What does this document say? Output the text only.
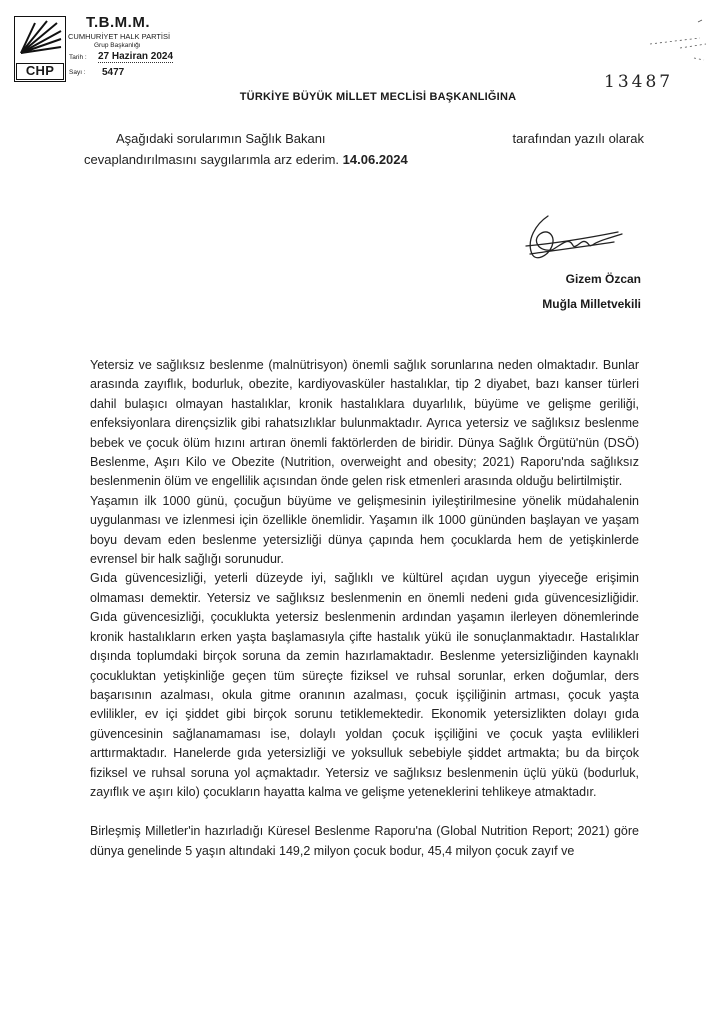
CHP
T.B.M.M.
CUMHURİYET HALK PARTİSİ
Grup Başkanlığı
Tarih : 27 Haziran 2024
Sayı : 5477	13487
TÜRKİYE BÜYÜK MİLLET MECLİSİ BAŞKANLIĞINA
Aşağıdaki sorularımın Sağlık Bakanı	tarafından yazılı olarak
cevaplandırılmasını saygılarımla arz ederim. 14.06.2024
Gizem Özcan
Muğla Milletvekili

Yetersiz ve sağlıksız beslenme (malnütrisyon) önemli sağlık sorunlarına neden olmaktadır. Bunlar arasında zayıflık, bodurluk, obezite, kardiyovasküler hastalıklar, tip 2 diyabet, bazı kanser türleri dahil bulaşıcı olmayan hastalıklar, kronik hastalıklara duyarlılık, büyüme ve gelişme geriliği, enfeksiyonlara dirençsizlik gibi rahatsızlıklar bulunmaktadır. Ayrıca yetersiz ve sağlıksız beslenme bebek ve çocuk ölüm hızını artıran önemli faktörlerden de biridir. Dünya Sağlık Örgütü'nün (DSÖ) Beslenme, Aşırı Kilo ve Obezite (Nutrition, overweight and obesity; 2021) Raporu'nda sağlıksız beslenmenin ölüm ve engellilik açısından önde gelen risk etmenleri arasında olduğu belirtilmiştir.

Yaşamın ilk 1000 günü, çocuğun büyüme ve gelişmesinin iyileştirilmesine yönelik müdahalenin uygulanması ve izlenmesi için özellikle önemlidir. Yaşamın ilk 1000 gününden başlayan ve yaşam boyu devam eden beslenme yetersizliği dünya çapında hem çocuklarda hem de yetişkinlerde evrensel bir halk sağlığı sorunudur.

Gıda güvencesizliği, yeterli düzeyde iyi, sağlıklı ve kültürel açıdan uygun yiyeceğe erişimin olmaması demektir. Yetersiz ve sağlıksız beslenmenin en önemli nedeni gıda güvencesizliğidir. Gıda güvencesizliği, çocuklukta yetersiz beslenmenin ardından yaşamın ilerleyen dönemlerinde kronik hastalıkların erken yaşta başlamasıyla çifte hastalık yükü ile sonuçlanmaktadır. Hastalıklar dışında toplumdaki birçok soruna da zemin hazırlamaktadır. Beslenme yetersizliğinden kaynaklı çocukluktan yetişkinliğe geçen tüm süreçte fiziksel ve ruhsal sorunlar, erken doğumlar, ders başarısının azalması, okula gitme oranının azalması, çocuk işçiliğinin artması, çocuk yaşta evlilikler, ev içi şiddet gibi birçok sorunu tetiklemektedir. Ekonomik yetersizlikten dolayı gıda güvencesinin sağlanamaması ise, dolaylı yoldan çocuk işçiliğini ve çocuk yaşta evlilikleri arttırmaktadır. Hanelerde gıda yetersizliği ve yoksulluk sebebiyle şiddet artmakta; bu da birçok fiziksel ve ruhsal soruna yol açmaktadır. Yetersiz ve sağlıksız beslenmenin üçlü yükü (bodurluk, zayıflık ve aşırı kilo) çocukların hayatta kalma ve gelişme yeteneklerini tehlikeye atmaktadır.

Birleşmiş Milletler'in hazırladığı Küresel Beslenme Raporu'na (Global Nutrition Report; 2021) göre dünya genelinde 5 yaşın altındaki 149,2 milyon çocuk bodur, 45,4 milyon çocuk zayıf ve
